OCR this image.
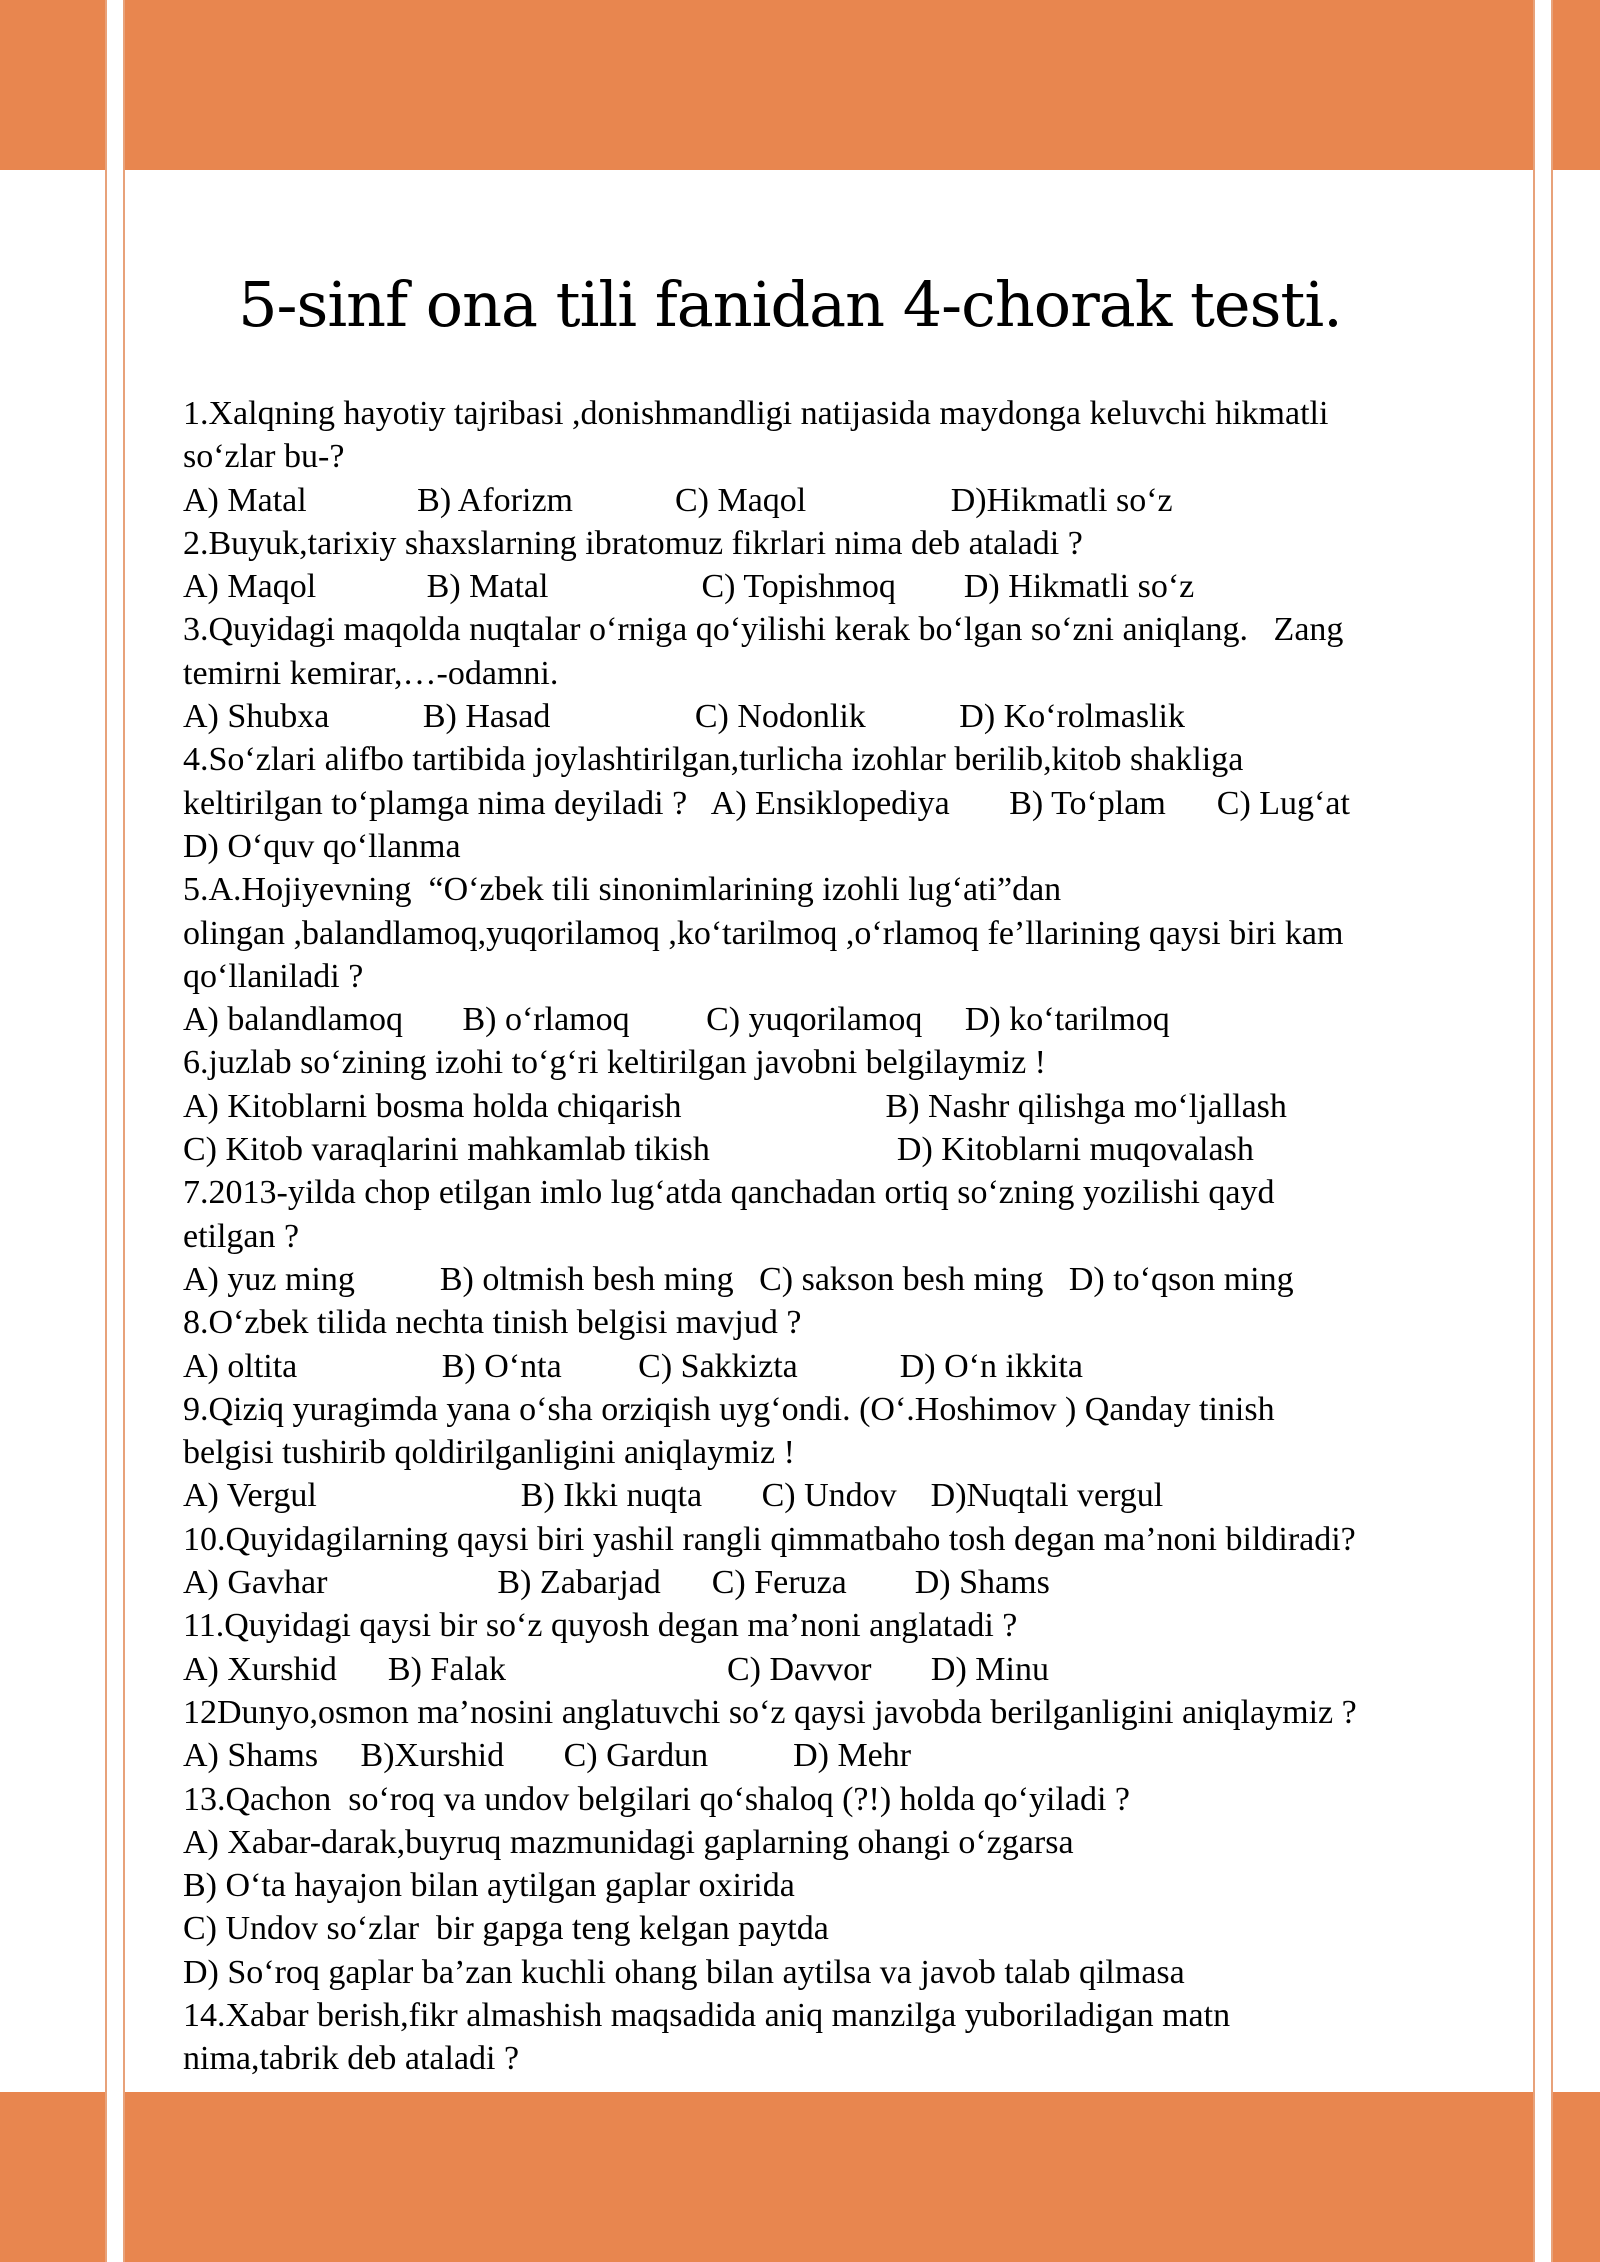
5-sinf ona tili fanidan 4-chorak testi.
1.Xalqning hayotiy tajribasi ,donishmandligi natijasida maydonga keluvchi hikmatli
so‘zlar bu-?
A) Matal             B) Aforizm            C) Maqol                 D)Hikmatli so‘z
2.Buyuk,tarixiy shaxslarning ibratomuz fikrlari nima deb ataladi ?
A) Maqol             B) Matal                  C) Topishmoq        D) Hikmatli so‘z
3.Quyidagi maqolda nuqtalar o‘rniga qo‘yilishi kerak bo‘lgan so‘zni aniqlang.   Zang
temirni kemirar,…-odamni.
A) Shubxa           B) Hasad                 C) Nodonlik           D) Ko‘rolmaslik
4.So‘zlari alifbo tartibida joylashtirilgan,turlicha izohlar berilib,kitob shakliga
keltirilgan to‘plamga nima deyiladi ?   A) Ensiklopediya       B) To‘plam      C) Lug‘at
D) O‘quv qo‘llanma
5.A.Hojiyevning  “O‘zbek tili sinonimlarining izohli lug‘ati”dan
olingan ,balandlamoq,yuqorilamoq ,ko‘tarilmoq ,o‘rlamoq fe’llarining qaysi biri kam
qo‘llaniladi ?
A) balandlamoq       B) o‘rlamoq         C) yuqorilamoq     D) ko‘tarilmoq
6.juzlab so‘zining izohi to‘g‘ri keltirilgan javobni belgilaymiz !
A) Kitoblarni bosma holda chiqarish                        B) Nashr qilishga mo‘ljallash
C) Kitob varaqlarini mahkamlab tikish                      D) Kitoblarni muqovalash
7.2013-yilda chop etilgan imlo lug‘atda qanchadan ortiq so‘zning yozilishi qayd
etilgan ?
A) yuz ming          B) oltmish besh ming   C) sakson besh ming   D) to‘qson ming
8.O‘zbek tilida nechta tinish belgisi mavjud ?
A) oltita                 B) O‘nta         C) Sakkizta            D) O‘n ikkita
9.Qiziq yuragimda yana o‘sha orziqish uyg‘ondi. (O‘.Hoshimov ) Qanday tinish
belgisi tushirib qoldirilganligini aniqlaymiz !
A) Vergul                        B) Ikki nuqta       C) Undov    D)Nuqtali vergul
10.Quyidagilarning qaysi biri yashil rangli qimmatbaho tosh degan ma’noni bildiradi?
A) Gavhar                    B) Zabarjad      C) Feruza        D) Shams
11.Quyidagi qaysi bir so‘z quyosh degan ma’noni anglatadi ?
A) Xurshid      B) Falak                          C) Davvor       D) Minu
12Dunyo,osmon ma’nosini anglatuvchi so‘z qaysi javobda berilganligini aniqlaymiz ?
A) Shams     B)Xurshid       C) Gardun          D) Mehr
13.Qachon  so‘roq va undov belgilari qo‘shaloq (?!) holda qo‘yiladi ?
A) Xabar-darak,buyruq mazmunidagi gaplarning ohangi o‘zgarsa
B) O‘ta hayajon bilan aytilgan gaplar oxirida
C) Undov so‘zlar  bir gapga teng kelgan paytda
D) So‘roq gaplar ba’zan kuchli ohang bilan aytilsa va javob talab qilmasa
14.Xabar berish,fikr almashish maqsadida aniq manzilga yuboriladigan matn
nima,tabrik deb ataladi ?
